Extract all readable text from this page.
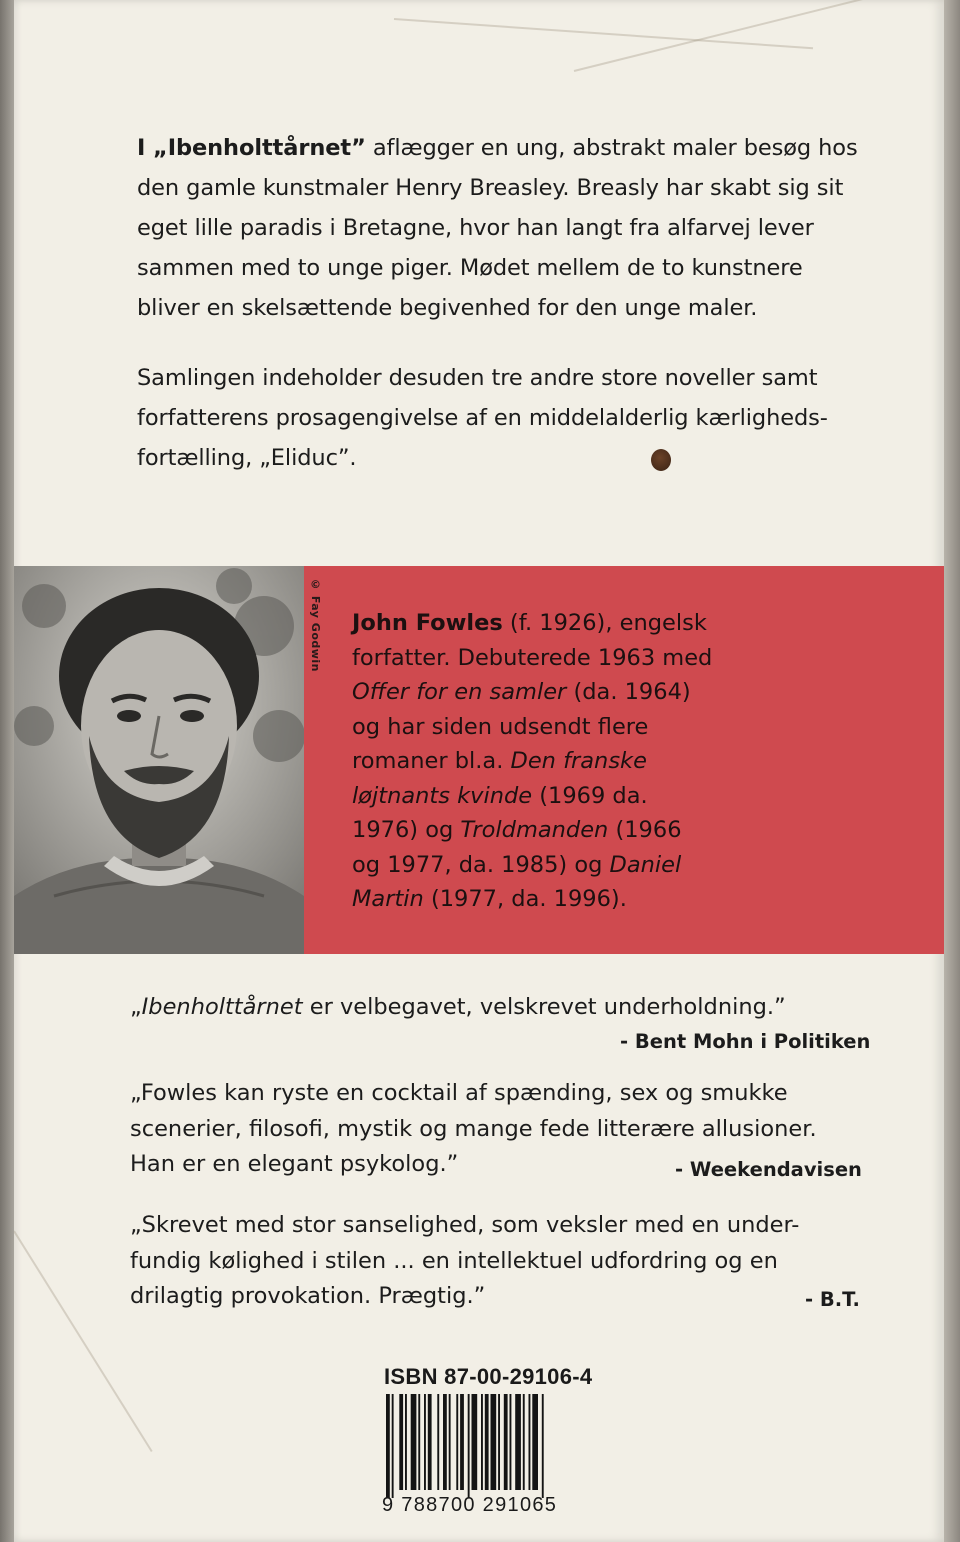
I „Ibenholttårnet” aflægger en ung, abstrakt maler besøg hos

den gamle kunstmaler Henry Breasley. Breasly har skabt sig sit

eget lille paradis i Bretagne, hvor han langt fra alfarvej lever

sammen med to unge piger. Mødet mellem de to kunstnere

bliver en skelsættende begivenhed for den unge maler.

Samlingen indeholder desuden tre andre store noveller samt

forfatterens prosagengivelse af en middelalderlig kærligheds-

fortælling, „Eliduc”.

© Fay Godwin John Fowles (f. 1926), engelsk

forfatter. Debuterede 1963 med

Offer for en samler (da. 1964)

og har siden udsendt flere

romaner bl.a. Den franske

løjtnants kvinde (1969 da.

1976) og Troldmanden (1966

og 1977, da. 1985) og Daniel

Martin (1977, da. 1996).

„Ibenholttårnet er velbegavet, velskrevet underholdning.”

- Bent Mohn i Politiken

„Fowles kan ryste en cocktail af spænding, sex og smukke

scenerier, filosofi, mystik og mange fede litterære allusioner.

Han er en elegant psykolog.”	- Weekendavisen

„Skrevet med stor sanselighed, som veksler med en under-

fundig kølighed i stilen ... en intellektuel udfordring og en

drilagtig provokation. Prægtig.”	- B.T.
ISBN 87-00-29106-4
9 788700 291065
